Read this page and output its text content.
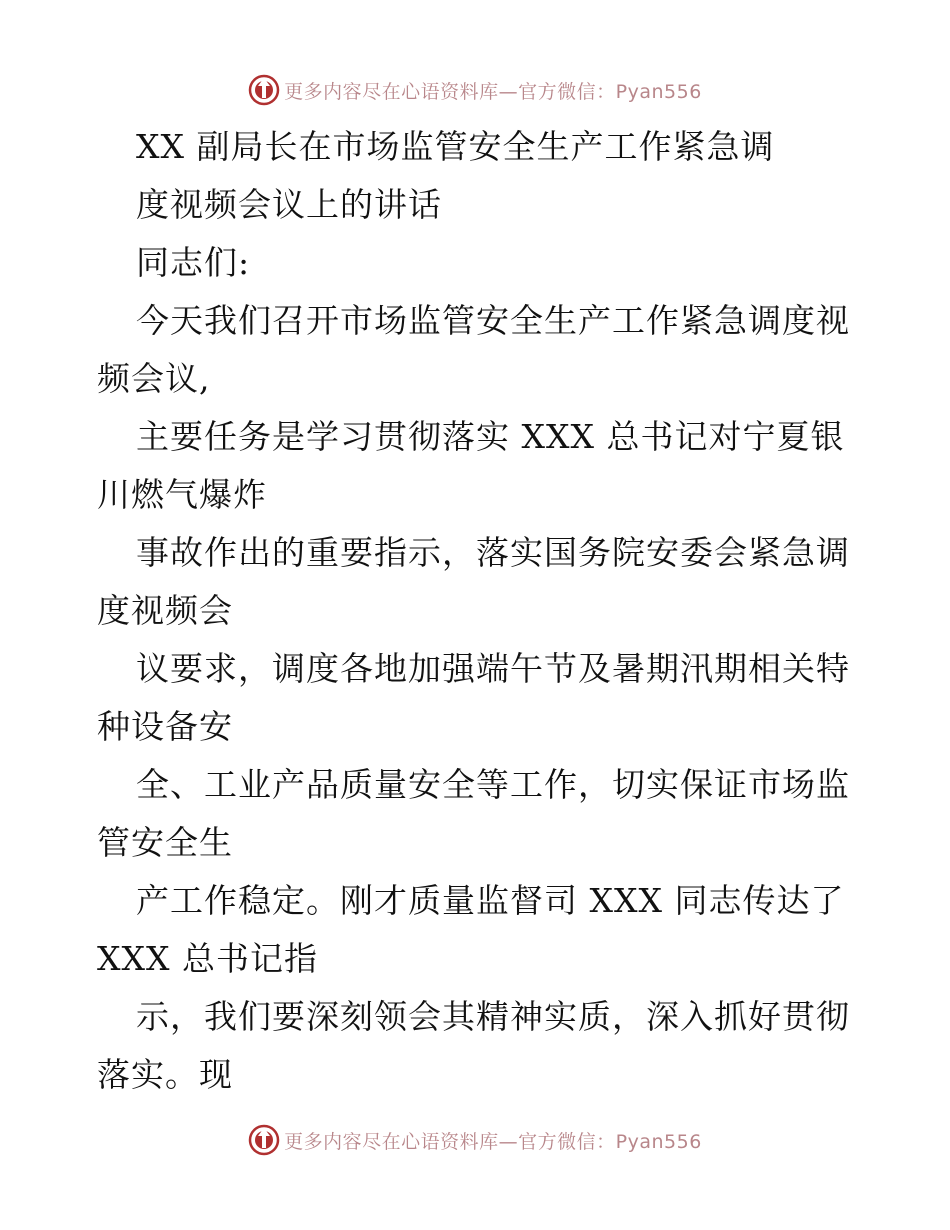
更多内容尽在心语资料库—官方微信：Pyan556
XX 副局长在市场监管安全生产工作紧急调
度视频会议上的讲话
同志们:
今天我们召开市场监管安全生产工作紧急调度视
频会议,
主要任务是学习贯彻落实 XXX 总书记对宁夏银
川燃气爆炸
事故作出的重要指示，落实国务院安委会紧急调
度视频会
议要求，调度各地加强端午节及暑期汛期相关特
种设备安
全、工业产品质量安全等工作，切实保证市场监
管安全生
产工作稳定。刚才质量监督司 XXX 同志传达了
XXX 总书记指
示，我们要深刻领会其精神实质，深入抓好贯彻
落实。现
更多内容尽在心语资料库—官方微信：Pyan556
